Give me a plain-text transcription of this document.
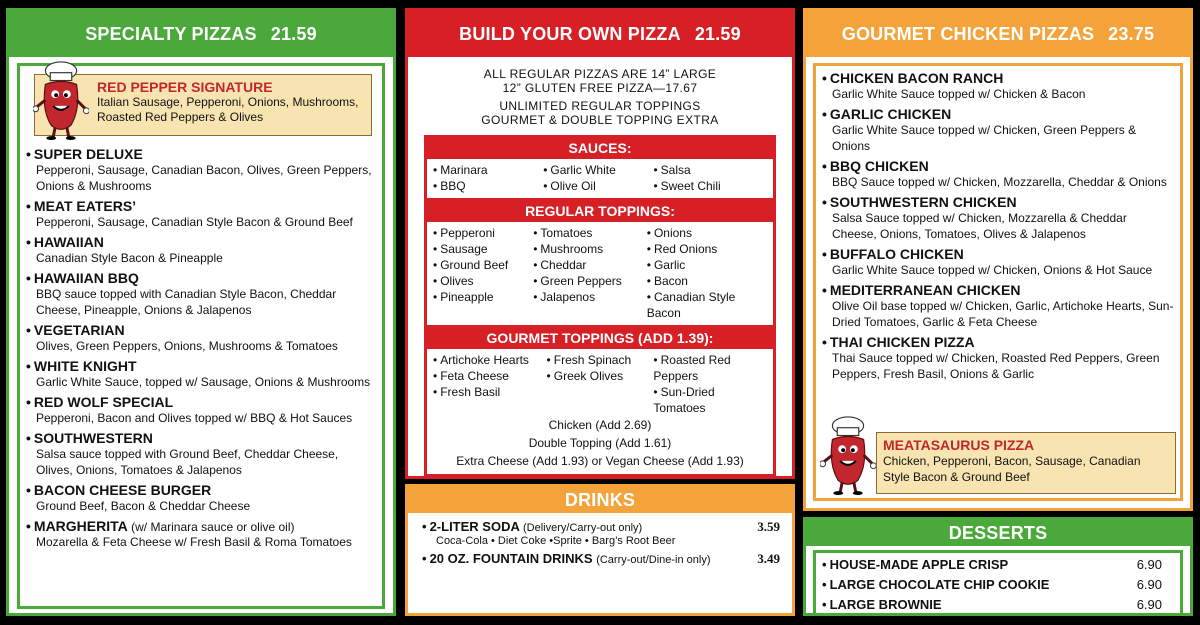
SPECIALTY PIZZAS 21.59
RED PEPPER SIGNATURE
Italian Sausage, Pepperoni, Onions, Mushrooms, Roasted Red Peppers & Olives
• SUPER DELUXE
Pepperoni, Sausage, Canadian Bacon, Olives, Green Peppers, Onions & Mushrooms
• MEAT EATERS’
Pepperoni, Sausage, Canadian Style Bacon & Ground Beef
• HAWAIIAN
Canadian Style Bacon & Pineapple
• HAWAIIAN BBQ
BBQ sauce topped with Canadian Style Bacon, Cheddar Cheese, Pineapple, Onions & Jalapenos
• VEGETARIAN
Olives, Green Peppers, Onions, Mushrooms & Tomatoes
• WHITE KNIGHT
Garlic White Sauce, topped w/ Sausage, Onions & Mushrooms
• RED WOLF SPECIAL
Pepperoni, Bacon and Olives topped w/ BBQ & Hot Sauces
• SOUTHWESTERN
Salsa sauce topped with Ground Beef, Cheddar Cheese, Olives, Onions, Tomatoes & Jalapenos
• BACON CHEESE BURGER
Ground Beef, Bacon & Cheddar Cheese
• MARGHERITA (w/ Marinara sauce or olive oil)
Mozarella & Feta Cheese w/ Fresh Basil & Roma Tomatoes
BUILD YOUR OWN PIZZA 21.59
ALL REGULAR PIZZAS ARE 14” LARGE
12” GLUTEN FREE PIZZA—17.67
UNLIMITED REGULAR TOPPINGS
GOURMET & DOUBLE TOPPING EXTRA
SAUCES:
• Marinara
• BBQ
• Garlic White
• Olive Oil
• Salsa
• Sweet Chili
REGULAR TOPPINGS:
• Pepperoni
• Sausage
• Ground Beef
• Olives
• Pineapple
• Tomatoes
• Mushrooms
• Cheddar
• Green Peppers
• Jalapenos
• Onions
• Red Onions
• Garlic
• Bacon
• Canadian Style Bacon
GOURMET TOPPINGS (ADD 1.39):
• Artichoke Hearts
• Feta Cheese
• Fresh Basil
• Fresh Spinach
• Greek Olives
• Roasted Red Peppers
• Sun-Dried Tomatoes
Chicken (Add 2.69)
Double Topping (Add 1.61)
Extra Cheese (Add 1.93) or Vegan Cheese (Add 1.93)
DRINKS
• 2-LITER SODA (Delivery/Carry-out only)	3.59
Coca-Cola • Diet Coke •Sprite • Barg’s Root Beer
• 20 OZ. FOUNTAIN DRINKS (Carry-out/Dine-in only)	3.49
GOURMET CHICKEN PIZZAS 23.75
• CHICKEN BACON RANCH
Garlic White Sauce topped w/ Chicken & Bacon
• GARLIC CHICKEN
Garlic White Sauce topped w/ Chicken, Green Peppers & Onions
• BBQ CHICKEN
BBQ Sauce topped w/ Chicken, Mozzarella, Cheddar & Onions
• SOUTHWESTERN CHICKEN
Salsa Sauce topped w/ Chicken, Mozzarella & Cheddar Cheese, Onions, Tomatoes, Olives & Jalapenos
• BUFFALO CHICKEN
Garlic White Sauce topped w/ Chicken, Onions & Hot Sauce
• MEDITERRANEAN CHICKEN
Olive Oil base topped w/ Chicken, Garlic, Artichoke Hearts, Sun-Dried Tomatoes, Garlic & Feta Cheese
• THAI CHICKEN PIZZA
Thai Sauce topped w/ Chicken, Roasted Red Peppers, Green Peppers, Fresh Basil, Onions & Garlic
MEATASAURUS PIZZA
Chicken, Pepperoni, Bacon, Sausage, Canadian Style Bacon & Ground Beef
DESSERTS
• HOUSE-MADE APPLE CRISP	6.90
• LARGE CHOCOLATE CHIP COOKIE	6.90
• LARGE BROWNIE	6.90
